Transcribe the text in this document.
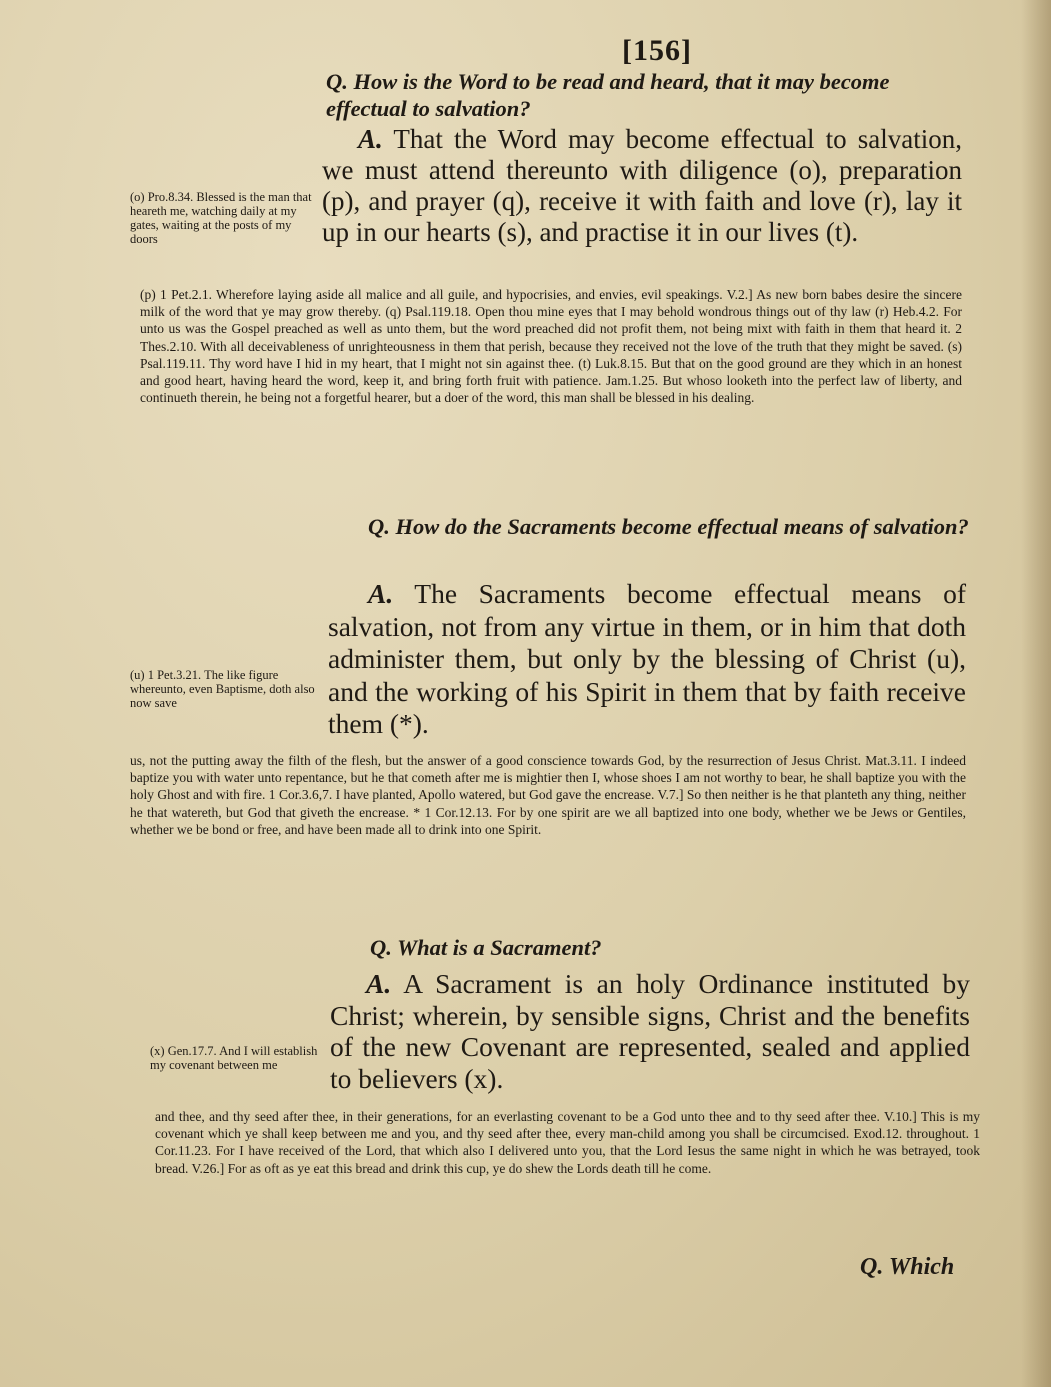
[156]
Q. How is the Word to be read and heard, that it may become effectual to salvation?
A. That the Word may become effectual to salvation, we must attend thereunto with diligence (o), preparation (p), and prayer (q), receive it with faith and love (r), lay it up in our hearts (s), and practise it in our lives (t).
(o) Pro.8.34. Blessed is the man that heareth me, watching daily at my gates, waiting at the posts of my doors
(p) 1 Pet.2.1. Wherefore laying aside all malice and all guile, and hypocrisies, and envies, evil speakings. V.2.] As new born babes desire the sincere milk of the word that ye may grow thereby. (q) Psal.119.18. Open thou mine eyes that I may behold wondrous things out of thy law (r) Heb.4.2. For unto us was the Gospel preached as well as unto them, but the word preached did not profit them, not being mixt with faith in them that heard it. 2 Thes.2.10. With all deceivableness of unrighteousness in them that perish, because they received not the love of the truth that they might be saved. (s) Psal.119.11. Thy word have I hid in my heart, that I might not sin against thee. (t) Luk.8.15. But that on the good ground are they which in an honest and good heart, having heard the word, keep it, and bring forth fruit with patience. Jam.1.25. But whoso looketh into the perfect law of liberty, and continueth therein, he being not a forgetful hearer, but a doer of the word, this man shall be blessed in his dealing.
Q. How do the Sacraments become effectual means of salvation?
A. The Sacraments become effectual means of salvation, not from any virtue in them, or in him that doth administer them, but only by the blessing of Christ (u), and the working of his Spirit in them that by faith receive them (*).
(u) 1 Pet.3.21. The like figure whereunto, even Baptisme, doth also now save
us, not the putting away the filth of the flesh, but the answer of a good conscience towards God, by the resurrection of Jesus Christ. Mat.3.11. I indeed baptize you with water unto repentance, but he that cometh after me is mightier then I, whose shoes I am not worthy to bear, he shall baptize you with the holy Ghost and with fire. 1 Cor.3.6,7. I have planted, Apollo watered, but God gave the encrease. V.7.] So then neither is he that planteth any thing, neither he that watereth, but God that giveth the encrease. * 1 Cor.12.13. For by one spirit are we all baptized into one body, whether we be Jews or Gentiles, whether we be bond or free, and have been made all to drink into one Spirit.
Q. What is a Sacrament?
A. A Sacrament is an holy Ordinance instituted by Christ; wherein, by sensible signs, Christ and the benefits of the new Covenant are represented, sealed and applied to believers (x).
(x) Gen.17.7. And I will establish my covenant between me
and thee, and thy seed after thee, in their generations, for an everlasting covenant to be a God unto thee and to thy seed after thee. V.10.] This is my covenant which ye shall keep between me and you, and thy seed after thee, every man-child among you shall be circumcised. Exod.12. throughout. 1 Cor.11.23. For I have received of the Lord, that which also I delivered unto you, that the Lord Iesus the same night in which he was betrayed, took bread. V.26.] For as oft as ye eat this bread and drink this cup, ye do shew the Lords death till he come.
Q. Which
